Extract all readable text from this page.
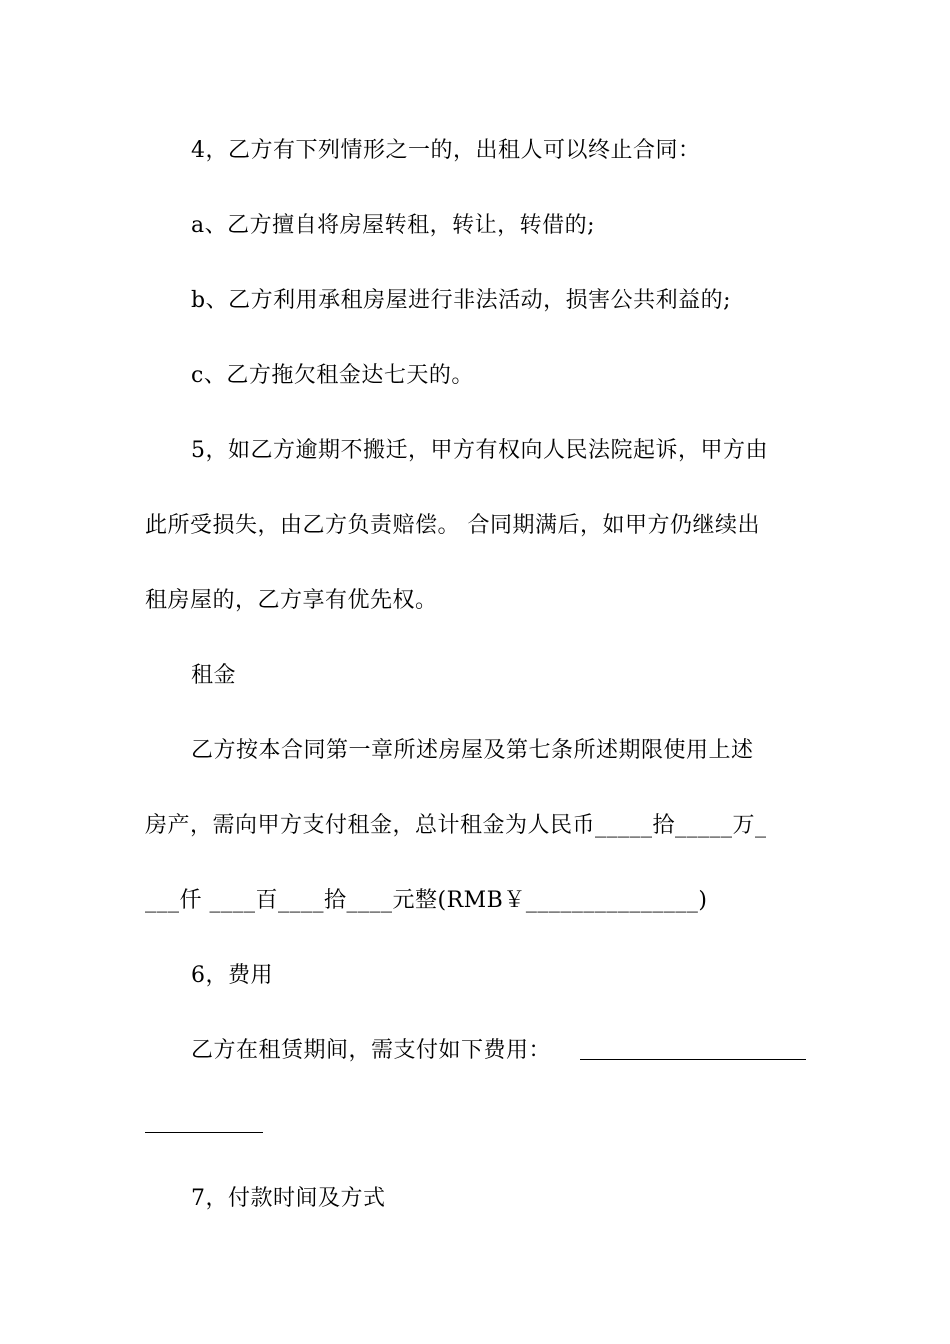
4，乙方有下列情形之一的，出租人可以终止合同：
a、乙方擅自将房屋转租，转让，转借的;
b、乙方利用承租房屋进行非法活动，损害公共利益的;
c、乙方拖欠租金达七天的。
5，如乙方逾期不搬迁，甲方有权向人民法院起诉，甲方由
此所受损失，由乙方负责赔偿。 合同期满后，如甲方仍继续出
租房屋的，乙方享有优先权。
租金
乙方按本合同第一章所述房屋及第七条所述期限使用上述
房产，需向甲方支付租金，总计租金为人民币_____拾_____万_
___仟 ____百____拾____元整(RMB￥_______________)
6，费用
乙方在租赁期间，需支付如下费用：
7，付款时间及方式
